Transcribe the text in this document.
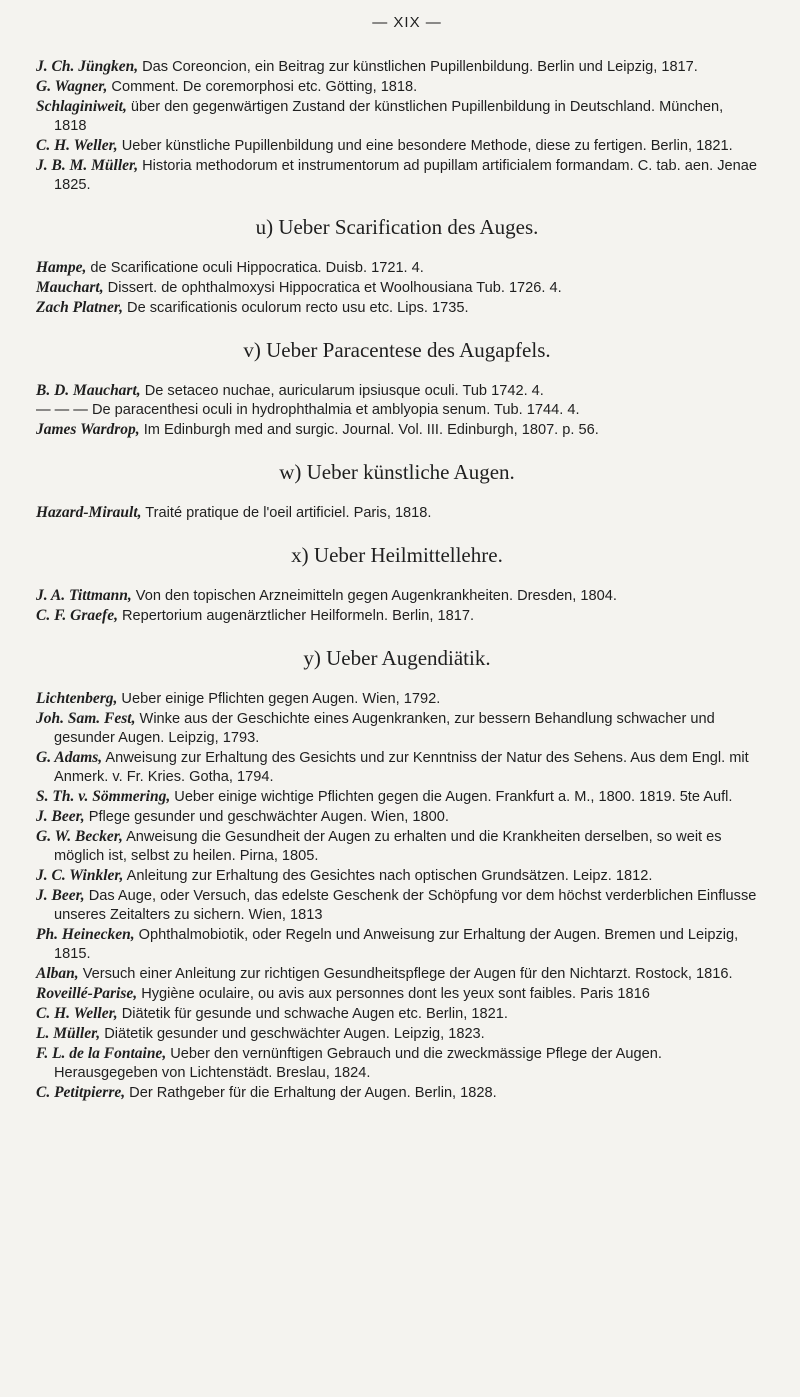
— XIX —
J. Ch. Jüngken, Das Coreoncion, ein Beitrag zur künstlichen Pupillenbildung. Berlin und Leipzig, 1817.
G. Wagner, Comment. De coremorphosi etc. Götting, 1818.
Schlaginiweit, über den gegenwärtigen Zustand der künstlichen Pupillenbildung in Deutschland. München, 1818
C. H. Weller, Ueber künstliche Pupillenbildung und eine besondere Methode, diese zu fertigen. Berlin, 1821.
J. B. M. Müller, Historia methodorum et instrumentorum ad pupillam artificialem formandam. C. tab. aen. Jenae 1825.
u) Ueber Scarification des Auges.
Hampe, de Scarificatione oculi Hippocratica. Duisb. 1721. 4.
Mauchart, Dissert. de ophthalmoxysi Hippocratica et Woolhousiana Tub. 1726. 4.
Zach Platner, De scarificationis oculorum recto usu etc. Lips. 1735.
v) Ueber Paracentese des Augapfels.
B. D. Mauchart, De setaceo nuchae, auricularum ipsiusque oculi. Tub 1742. 4.
— — — De paracenthesi oculi in hydrophthalmia et amblyopia senum. Tub. 1744. 4.
James Wardrop, Im Edinburgh med and surgic. Journal. Vol. III. Edinburgh, 1807. p. 56.
w) Ueber künstliche Augen.
Hazard-Mirault, Traité pratique de l'oeil artificiel. Paris, 1818.
x) Ueber Heilmittellehre.
J. A. Tittmann, Von den topischen Arzneimitteln gegen Augenkrankheiten. Dresden, 1804.
C. F. Graefe, Repertorium augenärztlicher Heilformeln. Berlin, 1817.
y) Ueber Augendiätik.
Lichtenberg, Ueber einige Pflichten gegen Augen. Wien, 1792.
Joh. Sam. Fest, Winke aus der Geschichte eines Augenkranken, zur bessern Behandlung schwacher und gesunder Augen. Leipzig, 1793.
G. Adams, Anweisung zur Erhaltung des Gesichts und zur Kenntniss der Natur des Sehens. Aus dem Engl. mit Anmerk. v. Fr. Kries. Gotha, 1794.
S. Th. v. Sömmering, Ueber einige wichtige Pflichten gegen die Augen. Frankfurt a. M., 1800. 1819. 5te Aufl.
J. Beer, Pflege gesunder und geschwächter Augen. Wien, 1800.
G. W. Becker, Anweisung die Gesundheit der Augen zu erhalten und die Krankheiten derselben, so weit es möglich ist, selbst zu heilen. Pirna, 1805.
J. C. Winkler, Anleitung zur Erhaltung des Gesichtes nach optischen Grundsätzen. Leipz. 1812.
J. Beer, Das Auge, oder Versuch, das edelste Geschenk der Schöpfung vor dem höchst verderblichen Einflusse unseres Zeitalters zu sichern. Wien, 1813
Ph. Heinecken, Ophthalmobiotik, oder Regeln und Anweisung zur Erhaltung der Augen. Bremen und Leipzig, 1815.
Alban, Versuch einer Anleitung zur richtigen Gesundheitspflege der Augen für den Nichtarzt. Rostock, 1816.
Roveillé-Parise, Hygiène oculaire, ou avis aux personnes dont les yeux sont faibles. Paris 1816
C. H. Weller, Diätetik für gesunde und schwache Augen etc. Berlin, 1821.
L. Müller, Diätetik gesunder und geschwächter Augen. Leipzig, 1823.
F. L. de la Fontaine, Ueber den vernünftigen Gebrauch und die zweckmässige Pflege der Augen. Herausgegeben von Lichtenstädt. Breslau, 1824.
C. Petitpierre, Der Rathgeber für die Erhaltung der Augen. Berlin, 1828.
